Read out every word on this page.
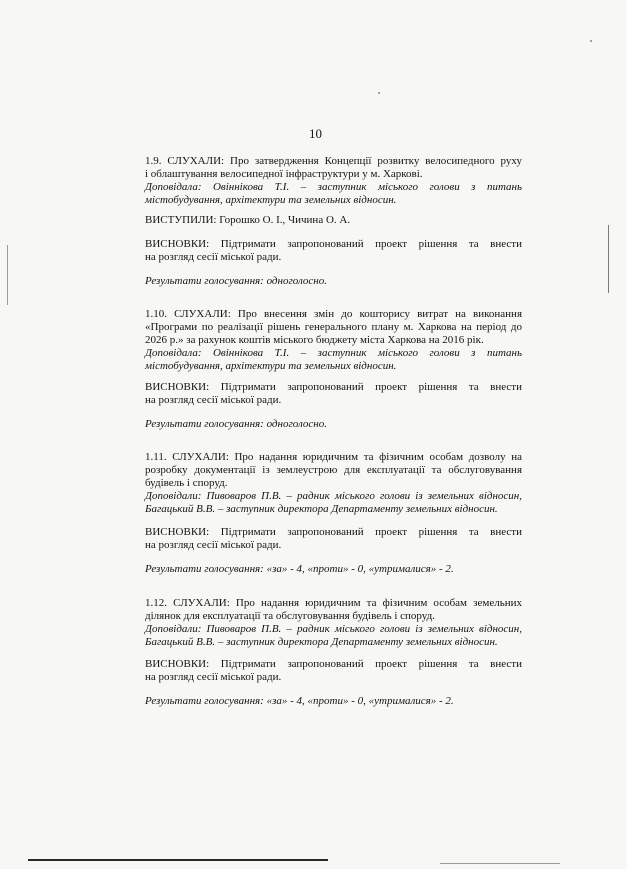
10

1.9. СЛУХАЛИ: Про затвердження Концепції розвитку велосипедного руху
і облаштування велосипедної інфраструктури у м. Харкові.

Доповідала: Овіннікова Т.І. – заступник міського голови з питань
містобудування, архітектури та земельних відносин.

ВИСТУПИЛИ: Горошко О. І., Чичина О. А.

ВИСНОВКИ: Підтримати запропонований проект рішення та внести
на розгляд сесії міської ради.

Результати голосування: одноголосно.

1.10. СЛУХАЛИ: Про внесення змін до кошторису витрат на виконання
«Програми по реалізації рішень генерального плану м. Харкова на період до
2026 р.» за рахунок коштів міського бюджету міста Харкова на 2016 рік.

Доповідала: Овіннікова Т.І. – заступник міського голови з питань
містобудування, архітектури та земельних відносин.

ВИСНОВКИ: Підтримати запропонований проект рішення та внести
на розгляд сесії міської ради.

Результати голосування: одноголосно.

1.11. СЛУХАЛИ: Про надання юридичним та фізичним особам дозволу на
розробку документації із землеустрою для експлуатації та обслуговування
будівель і споруд.

Доповідали: Пивоваров П.В. – радник міського голови із земельних відносин,
Багацький В.В. – заступник директора Департаменту земельних відносин.

ВИСНОВКИ: Підтримати запропонований проект рішення та внести
на розгляд сесії міської ради.

Результати голосування: «за» - 4, «проти» - 0, «утрималися» - 2.

1.12. СЛУХАЛИ: Про надання юридичним та фізичним особам земельних
ділянок для експлуатації та обслуговування будівель і споруд.

Доповідали: Пивоваров П.В. – радник міського голови із земельних відносин,
Багацький В.В. – заступник директора Департаменту земельних відносин.

ВИСНОВКИ: Підтримати запропонований проект рішення та внести
на розгляд сесії міської ради.

Результати голосування: «за» - 4, «проти» - 0, «утрималися» - 2.
